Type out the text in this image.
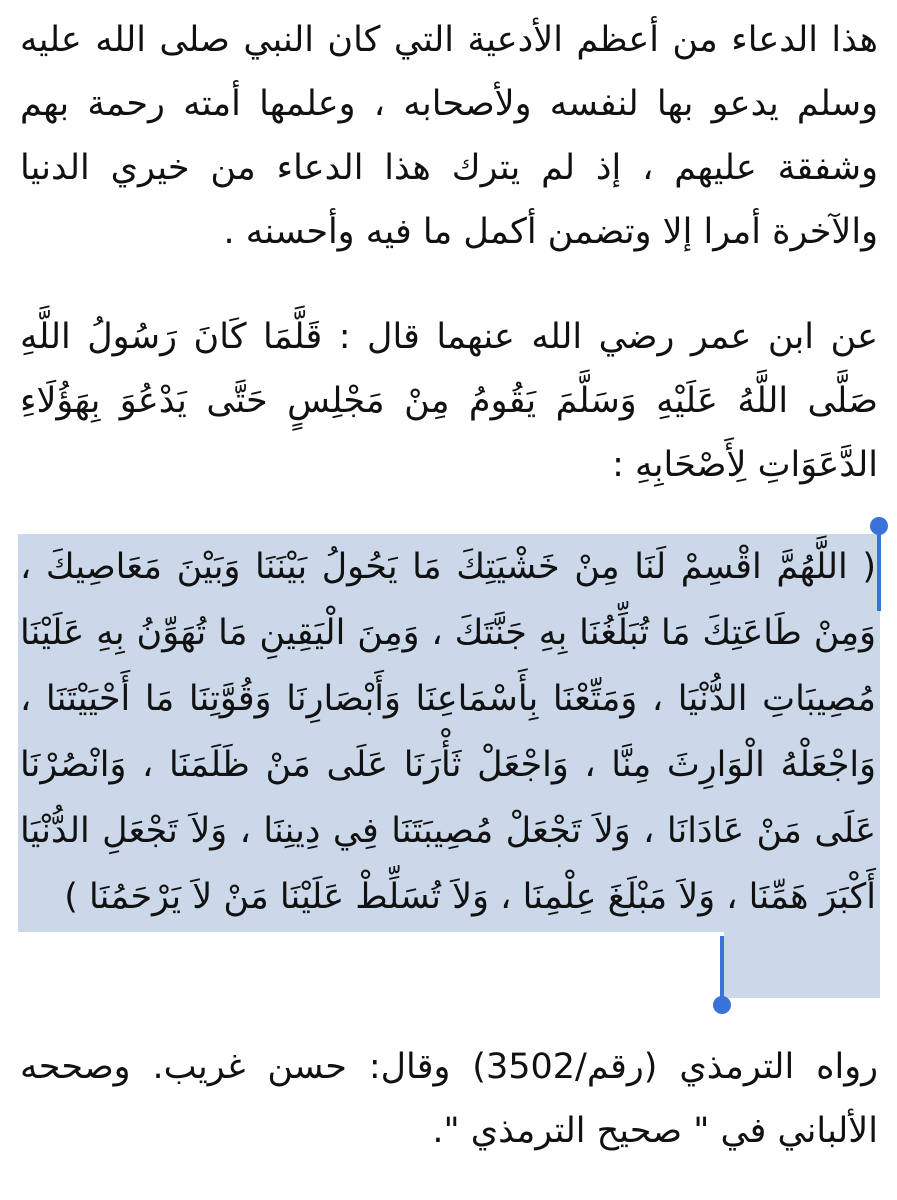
هذا الدعاء من أعظم الأدعية التي كان النبي صلى الله عليه وسلم يدعو بها لنفسه ولأصحابه ، وعلمها أمته رحمة بهم وشفقة عليهم ، إذ لم يترك هذا الدعاء من خيري الدنيا والآخرة أمرا إلا وتضمن أكمل ما فيه وأحسنه .

عن ابن عمر رضي الله عنهما قال : قَلَّمَا كَانَ رَسُولُ اللَّهِ صَلَّى اللَّهُ عَلَيْهِ وَسَلَّمَ يَقُومُ مِنْ مَجْلِسٍ حَتَّى يَدْعُوَ بِهَؤُلَاءِ الدَّعَوَاتِ لِأَصْحَابِهِ :

( اللَّهُمَّ اقْسِمْ لَنَا مِنْ خَشْيَتِكَ مَا يَحُولُ بَيْنَنَا وَبَيْنَ مَعَاصِيكَ ، وَمِنْ طَاعَتِكَ مَا تُبَلِّغُنَا بِهِ جَنَّتَكَ ، وَمِنَ الْيَقِينِ مَا تُهَوِّنُ بِهِ عَلَيْنَا مُصِيبَاتِ الدُّنْيَا ، وَمَتِّعْنَا بِأَسْمَاعِنَا وَأَبْصَارِنَا وَقُوَّتِنَا مَا أَحْيَيْتَنَا ، وَاجْعَلْهُ الْوَارِثَ مِنَّا ، وَاجْعَلْ ثَأْرَنَا عَلَى مَنْ ظَلَمَنَا ، وَانْصُرْنَا عَلَى مَنْ عَادَانَا ، وَلاَ تَجْعَلْ مُصِيبَتَنَا فِي دِينِنَا ، وَلاَ تَجْعَلِ الدُّنْيَا أَكْبَرَ هَمِّنَا ، وَلاَ مَبْلَغَ عِلْمِنَا ، وَلاَ تُسَلِّطْ عَلَيْنَا مَنْ لاَ يَرْحَمُنَا )

رواه الترمذي (رقم/3502) وقال: حسن غريب. وصححه الألباني في " صحيح الترمذي ".
